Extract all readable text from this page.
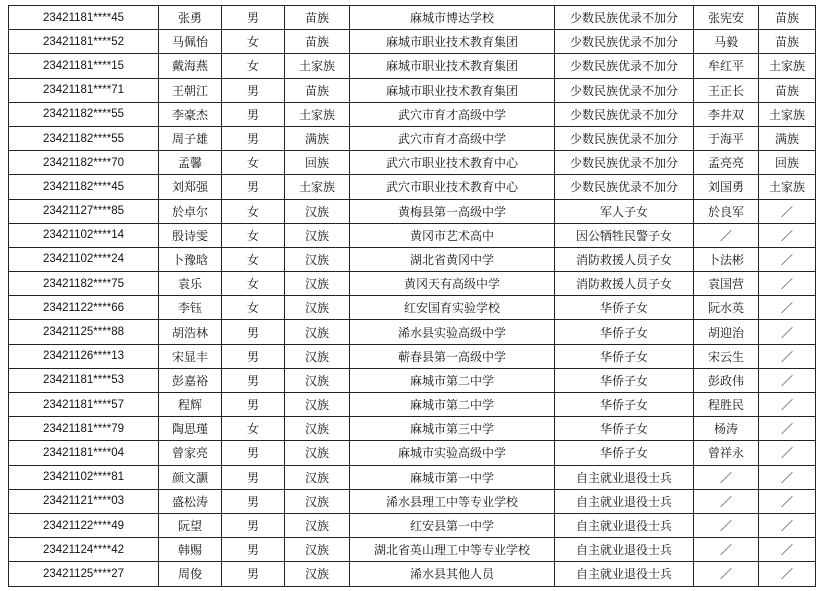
23421181****45	张勇	男	苗族	麻城市博达学校	少数民族优录不加分	张宪安	苗族
23421181****52	马佩怡	女	苗族	麻城市职业技术教育集团	少数民族优录不加分	马毅	苗族
23421181****15	戴海燕	女	土家族	麻城市职业技术教育集团	少数民族优录不加分	牟红平	土家族
23421181****71	王朝江	男	苗族	麻城市职业技术教育集团	少数民族优录不加分	王正长	苗族
23421182****55	李豪杰	男	土家族	武穴市育才高级中学	少数民族优录不加分	李井双	土家族
23421182****55	周子雄	男	满族	武穴市育才高级中学	少数民族优录不加分	于海平	满族
23421182****70	孟馨	女	回族	武穴市职业技术教育中心	少数民族优录不加分	孟亮亮	回族
23421182****45	刘郑强	男	土家族	武穴市职业技术教育中心	少数民族优录不加分	刘国勇	土家族
23421127****85	於卓尔	女	汉族	黄梅县第一高级中学	军人子女	於良军	／
23421102****14	殷诗雯	女	汉族	黄冈市艺术高中	因公牺牲民警子女	／	／
23421102****24	卜豫晗	女	汉族	湖北省黄冈中学	消防救援人员子女	卜法彬	／
23421182****75	袁乐	女	汉族	黄冈天有高级中学	消防救援人员子女	袁国营	／
23421122****66	李钰	女	汉族	红安国育实验学校	华侨子女	阮水英	／
23421125****88	胡浩林	男	汉族	浠水县实验高级中学	华侨子女	胡迎治	／
23421126****13	宋显丰	男	汉族	蕲春县第一高级中学	华侨子女	宋云生	／
23421181****53	彭嘉裕	男	汉族	麻城市第二中学	华侨子女	彭政伟	／
23421181****57	程辉	男	汉族	麻城市第二中学	华侨子女	程胜民	／
23421181****79	陶思瑾	女	汉族	麻城市第三中学	华侨子女	杨涛	／
23421181****04	曾家亮	男	汉族	麻城市实验高级中学	华侨子女	曾祥永	／
23421102****81	颜文灏	男	汉族	麻城市第一中学	自主就业退役士兵	／	／
23421121****03	盛松涛	男	汉族	浠水县理工中等专业学校	自主就业退役士兵	／	／
23421122****49	阮望	男	汉族	红安县第一中学	自主就业退役士兵	／	／
23421124****42	韩赐	男	汉族	湖北省英山理工中等专业学校	自主就业退役士兵	／	／
23421125****27	周俊	男	汉族	浠水县其他人员	自主就业退役士兵	／	／
